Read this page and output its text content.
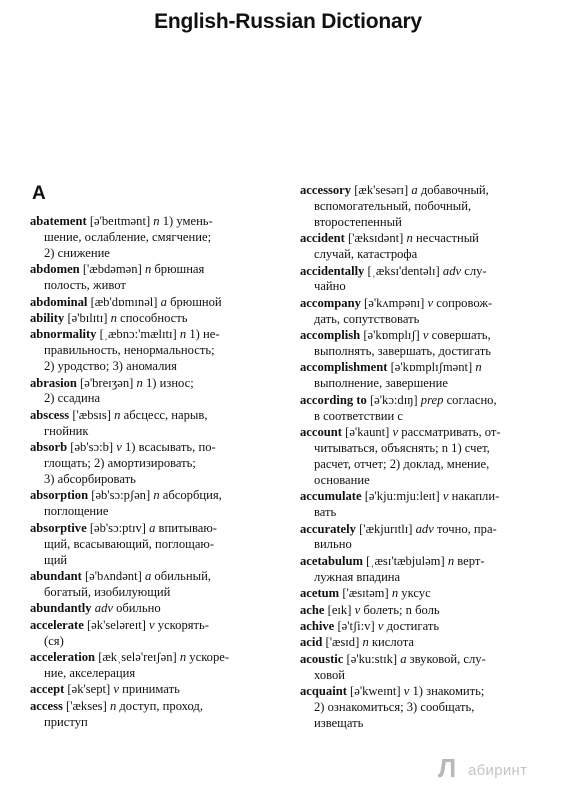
English-Russian Dictionary
A
abatement [ə'beɪtmənt] n 1) умень-
шение, ослабление, смягчение;
2) снижение
abdomen ['æbdəmən] n брюшная
полость, живот
abdominal [æb'dɒmɪnəl] a брюшной
ability [ə'bɪlɪtɪ] n способность
abnormality [ˌæbnɔ:'mælɪtɪ] n 1) не-
правильность, ненормальность;
2) уродство; 3) аномалия
abrasion [ə'breɪʒən] n 1) износ;
2) ссадина
abscess ['æbsɪs] n абсцесс, нарыв,
гнойник
absorb [əb'sɔ:b] v 1) всасывать, по-
глощать; 2) амортизировать;
3) абсорбировать
absorption [əb'sɔ:pʃən] n абсорбция,
поглощение
absorptive [əb'sɔ:ptɪv] a впитываю-
щий, всасывающий, поглощаю-
щий
abundant [ə'bʌndənt] a обильный,
богатый, изобилующий
abundantly adv обильно
accelerate [ək'seləreɪt] v ускорять-
(ся)
acceleration [ækˌselə'reɪʃən] n ускоре-
ние, акселерация
accept [ək'sept] v принимать
access ['ækses] n доступ, проход,
приступ
accessory [æk'sesərɪ] a добавочный,
вспомогательный, побочный,
второстепенный
accident ['æksɪdənt] n несчастный
случай, катастрофа
accidentally [ˌæksɪ'dentəlɪ] adv слу-
чайно
accompany [ə'kʌmpənɪ] v сопровож-
дать, сопутствовать
accomplish [ə'kɒmplɪʃ] v совершать,
выполнять, завершать, достигать
accomplishment [ə'kɒmplɪʃmənt] n
выполнение, завершение
according to [ə'kɔ:dɪŋ] prep согласно,
в соответствии с
account [ə'kaunt] v рассматривать, от-
читываться, объяснять; n 1) счет,
расчет, отчет; 2) доклад, мнение,
основание
accumulate [ə'kju:mju:leɪt] v накапли-
вать
accurately ['ækjurɪtlɪ] adv точно, пра-
вильно
acetabulum [ˌæsɪ'tæbjuləm] n верт-
лужная впадина
acetum ['æsɪtəm] n уксус
ache [eɪk] v болеть; n боль
achive [ə'tʃi:v] v достигать
acid ['æsɪd] n кислота
acoustic [ə'ku:stɪk] a звуковой, слу-
ховой
acquaint [ə'kweɪnt] v 1) знакомить;
2) ознакомиться; 3) сообщать,
извещать
Л абиринт
